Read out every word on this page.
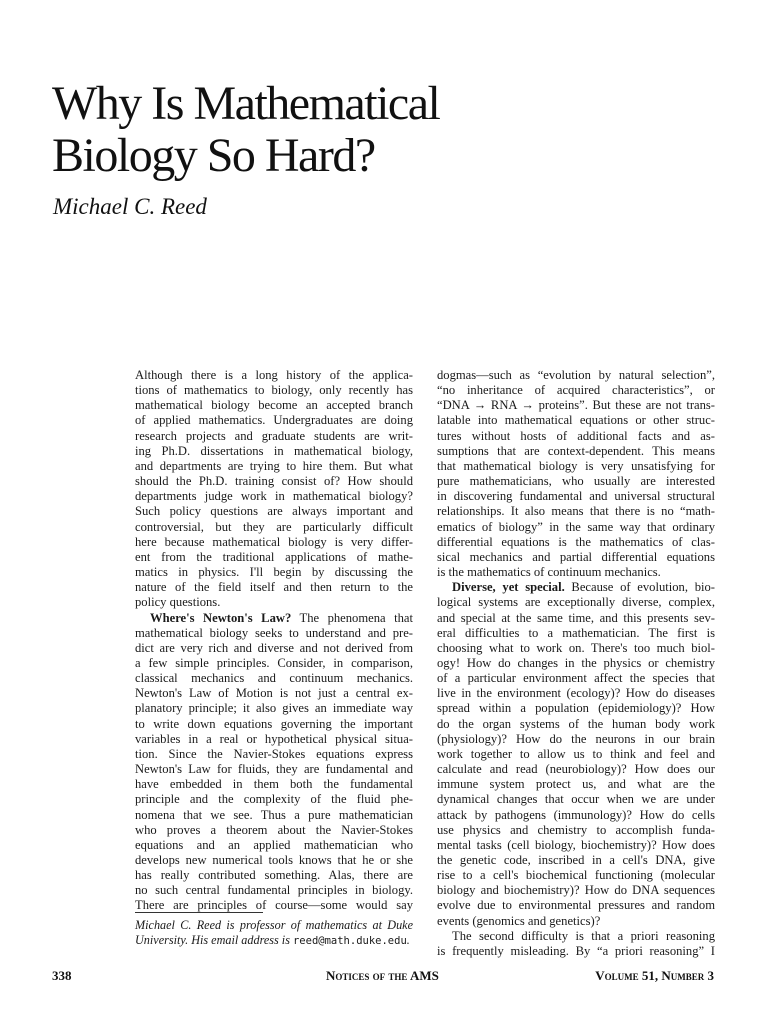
Why Is Mathematical
Biology So Hard?
Michael C. Reed
Although there is a long history of the applica-
tions of mathematics to biology, only recently has
mathematical biology become an accepted branch
of applied mathematics. Undergraduates are doing
research projects and graduate students are writ-
ing Ph.D. dissertations in mathematical biology,
and departments are trying to hire them. But what
should the Ph.D. training consist of? How should
departments judge work in mathematical biology?
Such policy questions are always important and
controversial, but they are particularly difficult
here because mathematical biology is very differ-
ent from the traditional applications of mathe-
matics in physics. I'll begin by discussing the
nature of the field itself and then return to the
policy questions.
Where's Newton's Law? The phenomena that
mathematical biology seeks to understand and pre-
dict are very rich and diverse and not derived from
a few simple principles. Consider, in comparison,
classical mechanics and continuum mechanics.
Newton's Law of Motion is not just a central ex-
planatory principle; it also gives an immediate way
to write down equations governing the important
variables in a real or hypothetical physical situa-
tion. Since the Navier-Stokes equations express
Newton's Law for fluids, they are fundamental and
have embedded in them both the fundamental
principle and the complexity of the fluid phe-
nomena that we see. Thus a pure mathematician
who proves a theorem about the Navier-Stokes
equations and an applied mathematician who
develops new numerical tools knows that he or she
has really contributed something. Alas, there are
no such central fundamental principles in biology.
There are principles of course—some would say
dogmas—such as “evolution by natural selection”,
“no inheritance of acquired characteristics”, or
“DNA → RNA → proteins”. But these are not trans-
latable into mathematical equations or other struc-
tures without hosts of additional facts and as-
sumptions that are context-dependent. This means
that mathematical biology is very unsatisfying for
pure mathematicians, who usually are interested
in discovering fundamental and universal structural
relationships. It also means that there is no “math-
ematics of biology” in the same way that ordinary
differential equations is the mathematics of clas-
sical mechanics and partial differential equations
is the mathematics of continuum mechanics.
Diverse, yet special. Because of evolution, bio-
logical systems are exceptionally diverse, complex,
and special at the same time, and this presents sev-
eral difficulties to a mathematician. The first is
choosing what to work on. There's too much biol-
ogy! How do changes in the physics or chemistry
of a particular environment affect the species that
live in the environment (ecology)? How do diseases
spread within a population (epidemiology)? How
do the organ systems of the human body work
(physiology)? How do the neurons in our brain
work together to allow us to think and feel and
calculate and read (neurobiology)? How does our
immune system protect us, and what are the
dynamical changes that occur when we are under
attack by pathogens (immunology)? How do cells
use physics and chemistry to accomplish funda-
mental tasks (cell biology, biochemistry)? How does
the genetic code, inscribed in a cell's DNA, give
rise to a cell's biochemical functioning (molecular
biology and biochemistry)? How do DNA sequences
evolve due to environmental pressures and random
events (genomics and genetics)?
The second difficulty is that a priori reasoning
is frequently misleading. By “a priori reasoning” I
Michael C. Reed is professor of mathematics at Duke
University. His email address is reed@math.duke.edu.
338	Notices of the AMS	Volume 51, Number 3
